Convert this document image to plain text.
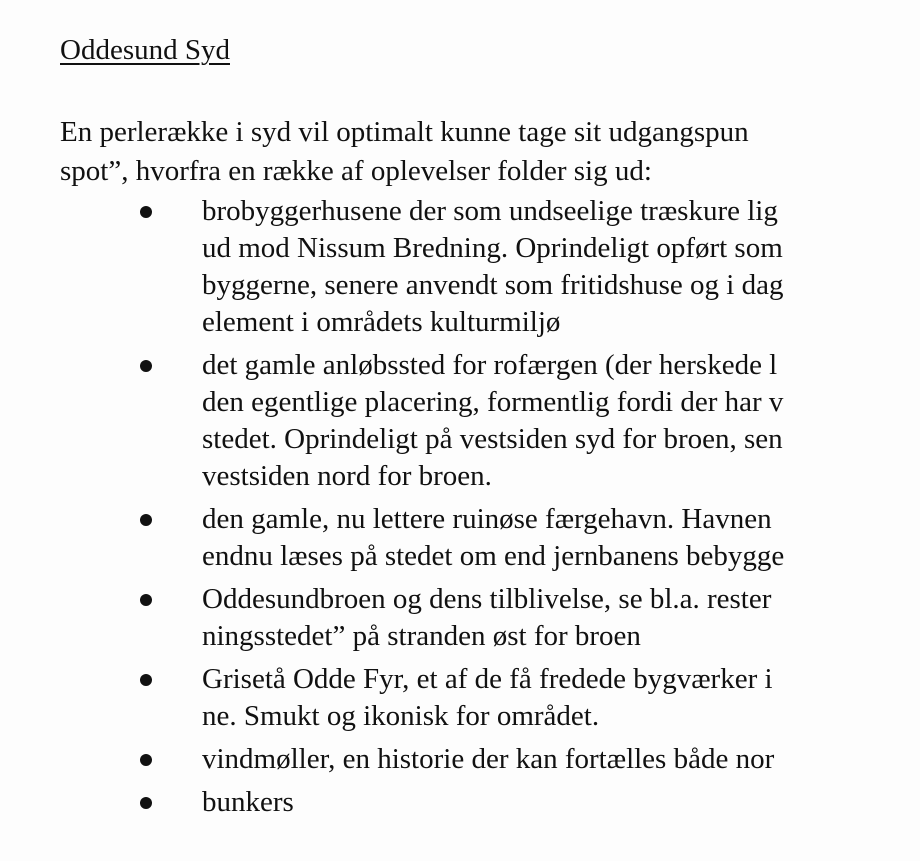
Oddesund Syd
En perlerække i syd vil optimalt kunne tage sit udgangspun
spot”, hvorfra en række af oplevelser folder sig ud:
brobyggerhusene der som undseelige træskure lig
ud mod Nissum Bredning. Oprindeligt opført som
byggerne, senere anvendt som fritidshuse og i dag
element i områdets kulturmiljø
det gamle anløbssted for rofærgen (der herskede l
den egentlige placering, formentlig fordi der har v
stedet. Oprindeligt på vestsiden syd for broen, sen
vestsiden nord for broen.
den gamle, nu lettere ruinøse færgehavn. Havnen
endnu læses på stedet om end jernbanens bebygge
Oddesundbroen og dens tilblivelse, se bl.a. rester
ningsstedet” på stranden øst for broen
Grisetå Odde Fyr, et af de få fredede bygværker i
ne. Smukt og ikonisk for området.
vindmøller, en historie der kan fortælles både nor
bunkers
